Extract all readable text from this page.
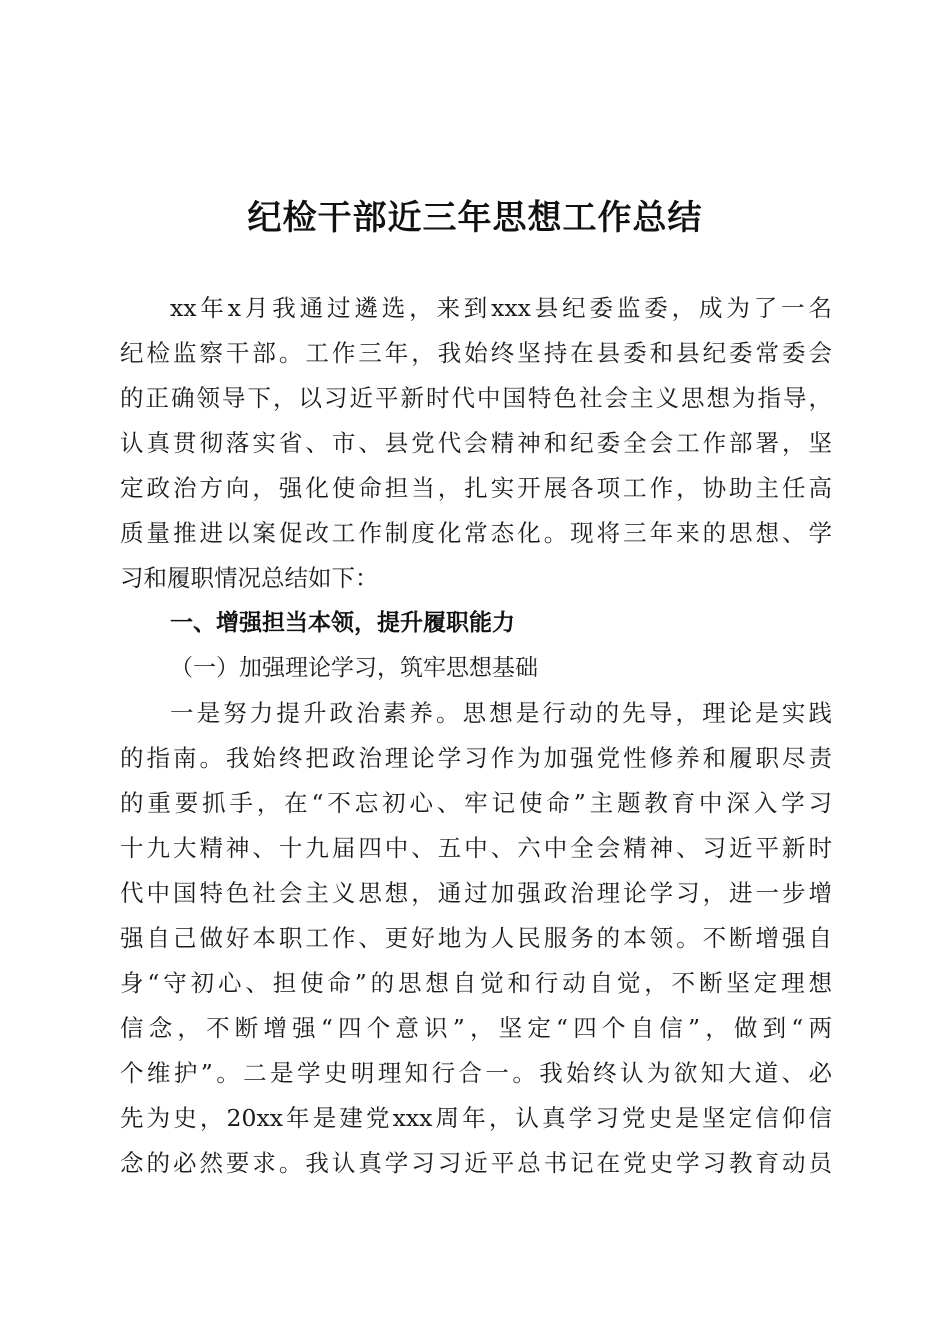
纪检干部近三年思想工作总结

xx年x月我通过遴选，来到xxx县纪委监委，成为了一名

纪检监察干部。工作三年，我始终坚持在县委和县纪委常委会

的正确领导下，以习近平新时代中国特色社会主义思想为指导，

认真贯彻落实省、市、县党代会精神和纪委全会工作部署，坚

定政治方向，强化使命担当，扎实开展各项工作，协助主任高

质量推进以案促改工作制度化常态化。现将三年来的思想、学

习和履职情况总结如下：

一、增强担当本领，提升履职能力

（一）加强理论学习，筑牢思想基础

一是努力提升政治素养。思想是行动的先导，理论是实践

的指南。我始终把政治理论学习作为加强党性修养和履职尽责

的重要抓手，在“不忘初心、牢记使命”主题教育中深入学习

十九大精神、十九届四中、五中、六中全会精神、习近平新时

代中国特色社会主义思想，通过加强政治理论学习，进一步增

强自己做好本职工作、更好地为人民服务的本领。不断增强自

身“守初心、担使命”的思想自觉和行动自觉，不断坚定理想

信念，不断增强“四个意识”，坚定“四个自信”，做到“两

个维护”。二是学史明理知行合一。我始终认为欲知大道、必

先为史，20xx年是建党xxx周年，认真学习党史是坚定信仰信

念的必然要求。我认真学习习近平总书记在党史学习教育动员
